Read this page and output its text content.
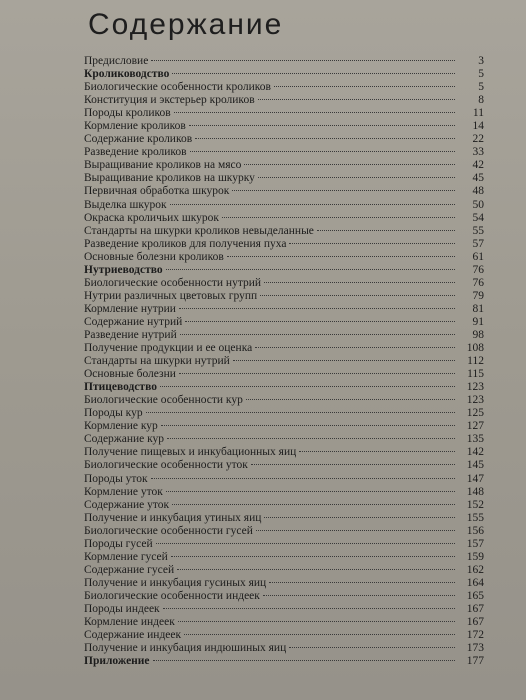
Содержание
Предисловие	3
Кролиководство	5
Биологические особенности кроликов	5
Конституция и экстерьер кроликов	8
Породы кроликов	11
Кормление кроликов	14
Содержание кроликов	22
Разведение кроликов	33
Выращивание кроликов на мясо	42
Выращивание кроликов на шкурку	45
Первичная обработка шкурок	48
Выделка шкурок	50
Окраска кроличьих шкурок	54
Стандарты на шкурки кроликов невыделанные	55
Разведение кроликов для получения пуха	57
Основные болезни кроликов	61
Нутриеводство	76
Биологические особенности нутрий	76
Нутрии различных цветовых групп	79
Кормление нутрии	81
Содержание нутрий	91
Разведение нутрий	98
Получение продукции и ее оценка	108
Стандарты на шкурки нутрий	112
Основные болезни	115
Птицеводство	123
Биологические особенности кур	123
Породы кур	125
Кормление кур	127
Содержание кур	135
Получение пищевых и инкубационных яиц	142
Биологические особенности уток	145
Породы уток	147
Кормление уток	148
Содержание уток	152
Получение и инкубация утиных яиц	155
Биологические особенности гусей	156
Породы гусей	157
Кормление гусей	159
Содержание гусей	162
Получение и инкубация гусиных яиц	164
Биологические особенности индеек	165
Породы индеек	167
Кормление индеек	167
Содержание индеек	172
Получение и инкубация индюшиных яиц	173
Приложение	177
